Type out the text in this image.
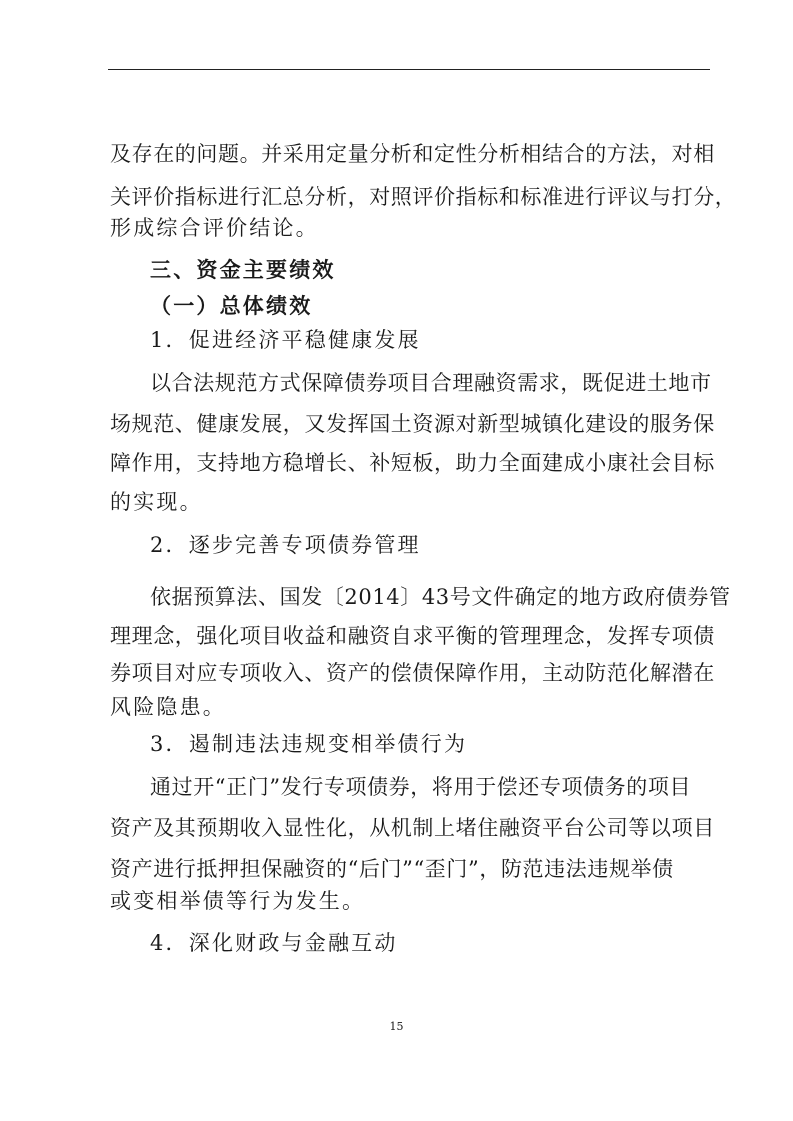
及存在的问题。并采用定量分析和定性分析相结合的方法，对相
关评价指标进行汇总分析，对照评价指标和标准进行评议与打分，
形成综合评价结论。
三、资金主要绩效
（一）总体绩效
1．促进经济平稳健康发展
以合法规范方式保障债券项目合理融资需求，既促进土地市
场规范、健康发展，又发挥国土资源对新型城镇化建设的服务保
障作用，支持地方稳增长、补短板，助力全面建成小康社会目标
的实现。
2．逐步完善专项债券管理
依据预算法、国发〔2014〕43号文件确定的地方政府债券管
理理念，强化项目收益和融资自求平衡的管理理念，发挥专项债
券项目对应专项收入、资产的偿债保障作用，主动防范化解潜在
风险隐患。
3．遏制违法违规变相举债行为
通过开“正门”发行专项债券，将用于偿还专项债务的项目
资产及其预期收入显性化，从机制上堵住融资平台公司等以项目
资产进行抵押担保融资的“后门”“歪门”，防范违法违规举债
或变相举债等行为发生。
4．深化财政与金融互动
15
